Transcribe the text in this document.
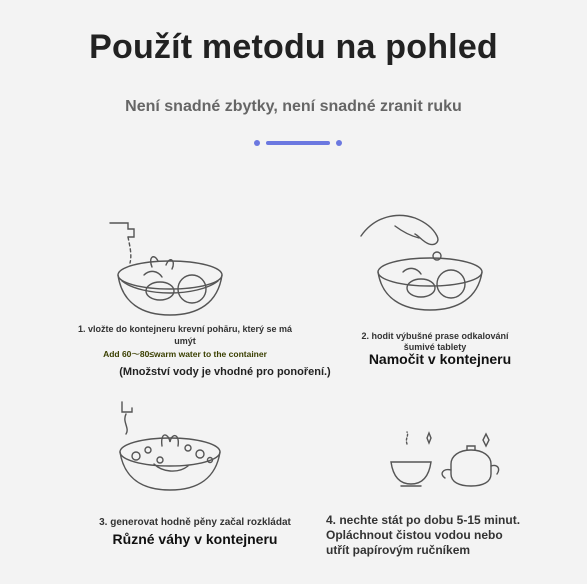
Použít metodu na pohled
Není snadné zbytky, není snadné zranit ruku
1. vložte do kontejneru krevní pohāru, který se má umýt
Add 60～80≤warm water to the container
(Množství vody je vhodné pro ponoření.)
2. hodit výbušné prase odkalování šumivé tablety
Namočit v kontejneru
3. generovat hodně pěny začal rozkládat
Různé váhy v kontejneru
4. nechte stát po dobu 5-15 minut. Opláchnout čistou vodou nebo utřít papírovým ručníkem
